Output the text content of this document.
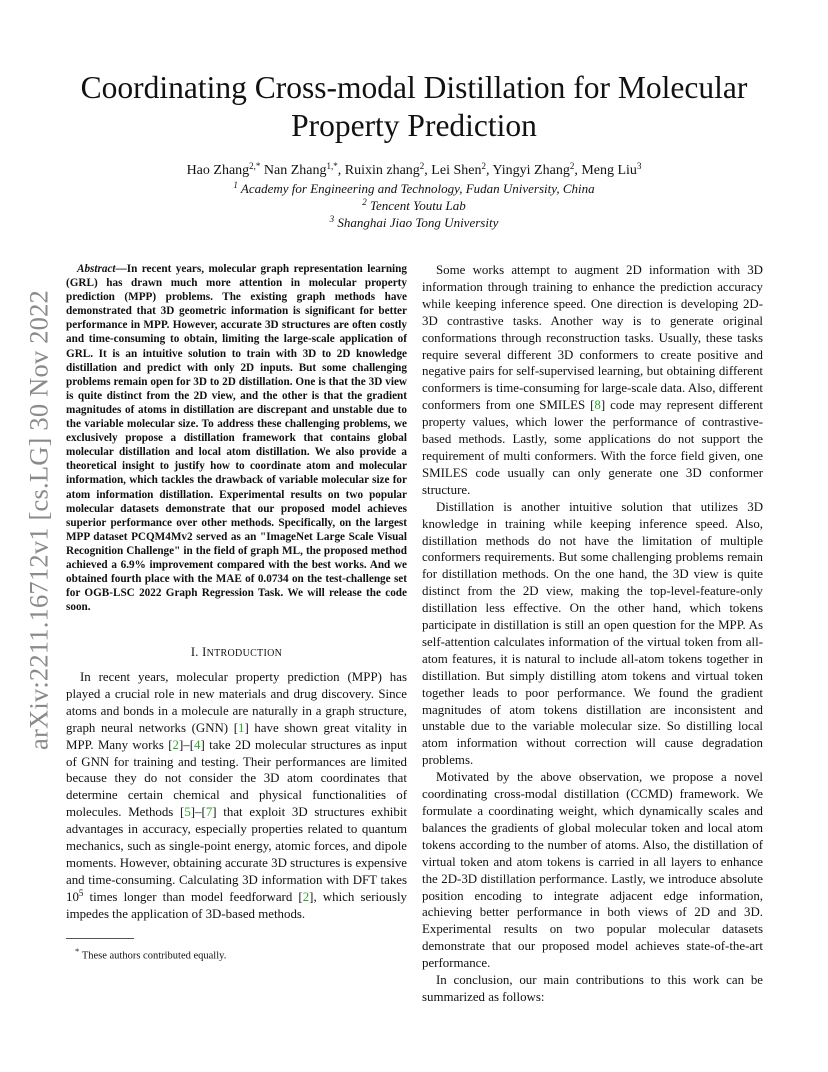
arXiv:2211.16712v1 [cs.LG] 30 Nov 2022
Coordinating Cross-modal Distillation for Molecular Property Prediction
Hao Zhang$^{2,*}$ Nan Zhang$^{1,*}$, Ruixin zhang$^2$, Lei Shen$^2$, Yingyi Zhang$^2$, Meng Liu$^3$
$^1$ Academy for Engineering and Technology, Fudan University, China
$^2$ Tencent Youtu Lab
$^3$ Shanghai Jiao Tong University

Abstract—In recent years, molecular graph representation learning (GRL) has drawn much more attention in molecular property prediction (MPP) problems. The existing graph methods have demonstrated that 3D geometric information is significant for better performance in MPP. However, accurate 3D structures are often costly and time-consuming to obtain, limiting the large-scale application of GRL. It is an intuitive solution to train with 3D to 2D knowledge distillation and predict with only 2D inputs. But some challenging problems remain open for 3D to 2D distillation. One is that the 3D view is quite distinct from the 2D view, and the other is that the gradient magnitudes of atoms in distillation are discrepant and unstable due to the variable molecular size. To address these challenging problems, we exclusively propose a distillation framework that contains global molecular distillation and local atom distillation. We also provide a theoretical insight to justify how to coordinate atom and molecular information, which tackles the drawback of variable molecular size for atom information distillation. Experimental results on two popular molecular datasets demonstrate that our proposed model achieves superior performance over other methods. Specifically, on the largest MPP dataset PCQM4Mv2 served as an "ImageNet Large Scale Visual Recognition Challenge" in the field of graph ML, the proposed method achieved a 6.9% improvement compared with the best works. And we obtained fourth place with the MAE of 0.0734 on the test-challenge set for OGB-LSC 2022 Graph Regression Task. We will release the code soon.

I. INTRODUCTION

In recent years, molecular property prediction (MPP) has played a crucial role in new materials and drug discovery. Since atoms and bonds in a molecule are naturally in a graph structure, graph neural networks (GNN) [1] have shown great vitality in MPP. Many works [2]–[4] take 2D molecular structures as input of GNN for training and testing. Their performances are limited because they do not consider the 3D atom coordinates that determine certain chemical and physical functionalities of molecules. Methods [5]–[7] that exploit 3D structures exhibit advantages in accuracy, especially properties related to quantum mechanics, such as single-point energy, atomic forces, and dipole moments. However, obtaining accurate 3D structures is expensive and time-consuming. Calculating 3D information with DFT takes $10^5$ times longer than model feedforward [2], which seriously impedes the application of 3D-based methods.

Some works attempt to augment 2D information with 3D information through training to enhance the prediction accuracy while keeping inference speed. One direction is developing 2D-3D contrastive tasks. Another way is to generate original conformations through reconstruction tasks. Usually, these tasks require several different 3D conformers to create positive and negative pairs for self-supervised learning, but obtaining different conformers is time-consuming for large-scale data. Also, different conformers from one SMILES [8] code may represent different property values, which lower the performance of contrastive-based methods. Lastly, some applications do not support the requirement of multi conformers. With the force field given, one SMILES code usually can only generate one 3D conformer structure.

Distillation is another intuitive solution that utilizes 3D knowledge in training while keeping inference speed. Also, distillation methods do not have the limitation of multiple conformers requirements. But some challenging problems remain for distillation methods. On the one hand, the 3D view is quite distinct from the 2D view, making the top-level-feature-only distillation less effective. On the other hand, which tokens participate in distillation is still an open question for the MPP. As self-attention calculates information of the virtual token from all-atom features, it is natural to include all-atom tokens together in distillation. But simply distilling atom tokens and virtual token together leads to poor performance. We found the gradient magnitudes of atom tokens distillation are inconsistent and unstable due to the variable molecular size. So distilling local atom information without correction will cause degradation problems.

Motivated by the above observation, we propose a novel coordinating cross-modal distillation (CCMD) framework. We formulate a coordinating weight, which dynamically scales and balances the gradients of global molecular token and local atom tokens according to the number of atoms. Also, the distillation of virtual token and atom tokens is carried in all layers to enhance the 2D-3D distillation performance. Lastly, we introduce absolute position encoding to integrate adjacent edge information, achieving better performance in both views of 2D and 3D. Experimental results on two popular molecular datasets demonstrate that our proposed model achieves state-of-the-art performance.

In conclusion, our main contributions to this work can be summarized as follows:

* These authors contributed equally.
